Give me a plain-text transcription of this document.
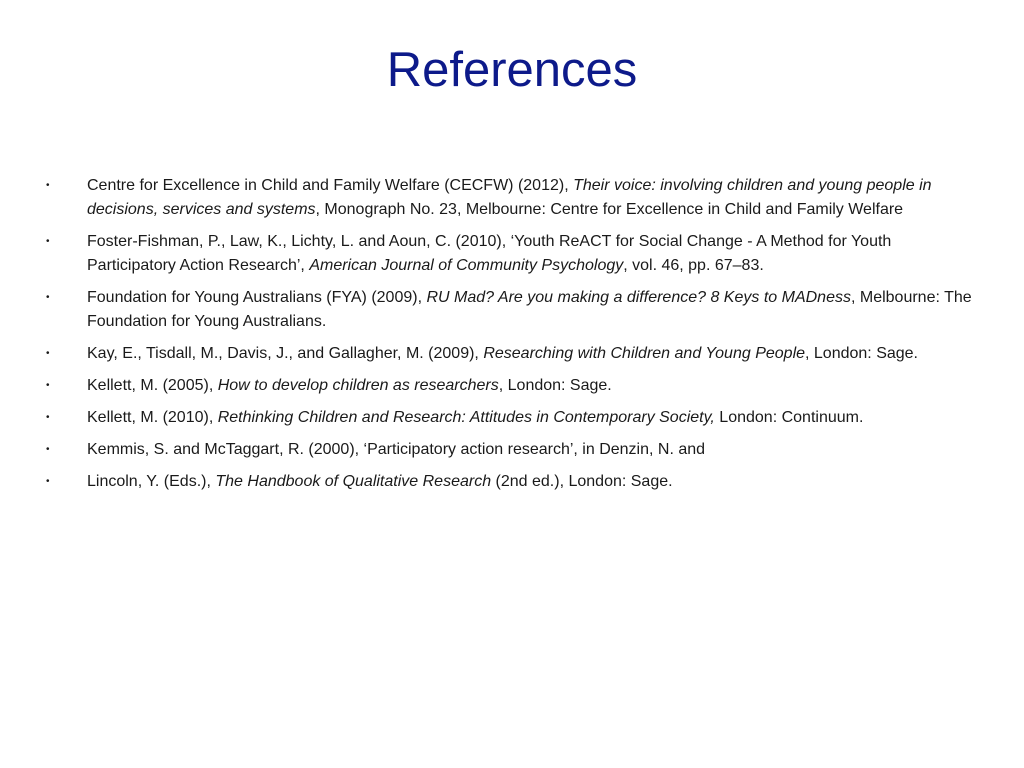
References
• Centre for Excellence in Child and Family Welfare (CECFW) (2012), Their voice: involving children and young people in decisions, services and systems, Monograph No. 23, Melbourne: Centre for Excellence in Child and Family Welfare
• Foster-Fishman, P., Law, K., Lichty, L. and Aoun, C. (2010), ‘Youth ReACT for Social Change - A Method for Youth Participatory Action Research’, American Journal of Community Psychology, vol. 46, pp. 67–83.
• Foundation for Young Australians (FYA) (2009), RU Mad? Are you making a difference? 8 Keys to MADness, Melbourne: The Foundation for Young Australians.
• Kay, E., Tisdall, M., Davis, J., and Gallagher, M. (2009), Researching with Children and Young People, London: Sage.
• Kellett, M. (2005), How to develop children as researchers, London: Sage.
• Kellett, M. (2010), Rethinking Children and Research: Attitudes in Contemporary Society, London: Continuum.
• Kemmis, S. and McTaggart, R. (2000), ‘Participatory action research’, in Denzin, N. and
• Lincoln, Y. (Eds.), The Handbook of Qualitative Research (2nd ed.), London: Sage.
